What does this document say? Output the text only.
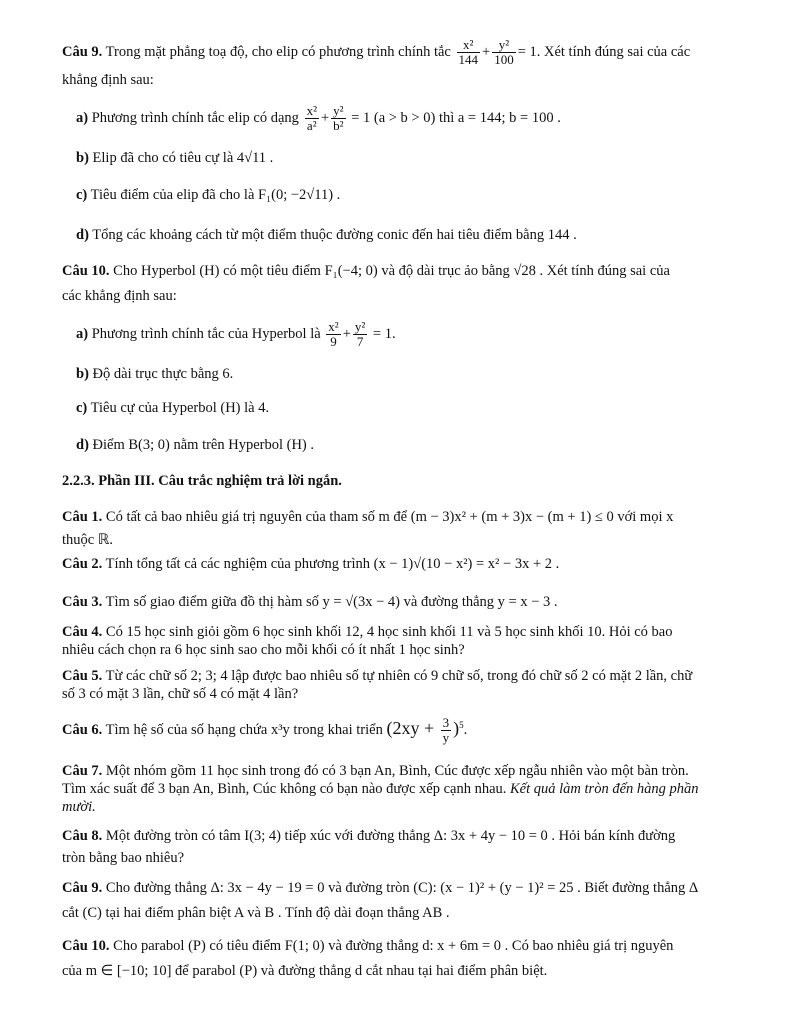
Câu 9. Trong mặt phẳng toạ độ, cho elip có phương trình chính tắc $\frac{\text{x²}}{144} + \frac{\text{y²}}{100} = 1$. Xét tính đúng sai của các
khẳng định sau:
a) Phương trình chính tắc elip có dạng $\frac{\text{x²}}{\text{a²}} + \frac{\text{y²}}{\text{b²}} = 1$ (a > b > 0) thì a = 144; b = 100 .
b) Elip đã cho có tiêu cự là 4√11 .
c) Tiêu điểm của elip đã cho là F₁(0; −2√11) .
d) Tổng các khoảng cách từ một điểm thuộc đường conic đến hai tiêu điểm bằng 144 .
Câu 10. Cho Hyperbol (H) có một tiêu điểm F₁(−4; 0) và độ dài trục ảo bằng √28 . Xét tính đúng sai của
các khẳng định sau:
a) Phương trình chính tắc của Hyperbol là $\frac{\text{x²}}{9} + \frac{\text{y²}}{7} = 1$.
b) Độ dài trục thực bằng 6.
c) Tiêu cự của Hyperbol (H) là 4.
d) Điểm B(3; 0) nằm trên Hyperbol (H) .
2.2.3. Phần III. Câu trắc nghiệm trả lời ngắn.
Câu 1. Có tất cả bao nhiêu giá trị nguyên của tham số m để (m − 3)x² + (m + 3)x − (m + 1) ≤ 0 với mọi x
thuộc ℝ.
Câu 2. Tính tổng tất cả các nghiệm của phương trình (x − 1)√(10 − x²) = x² − 3x + 2 .
Câu 3. Tìm số giao điểm giữa đồ thị hàm số y = √(3x − 4) và đường thẳng y = x − 3 .
Câu 4. Có 15 học sinh giỏi gồm 6 học sinh khối 12, 4 học sinh khối 11 và 5 học sinh khối 10. Hỏi có bao
nhiêu cách chọn ra 6 học sinh sao cho mỗi khối có ít nhất 1 học sinh?
Câu 5. Từ các chữ số 2; 3; 4 lập được bao nhiêu số tự nhiên có 9 chữ số, trong đó chữ số 2 có mặt 2 lần, chữ
số 3 có mặt 3 lần, chữ số 4 có mặt 4 lần?
Câu 6. Tìm hệ số của số hạng chứa x³y trong khai triển $(2xy + \frac{3}{y} )^5$.
Câu 7. Một nhóm gồm 11 học sinh trong đó có 3 bạn An, Bình, Cúc được xếp ngẫu nhiên vào một bàn tròn.
Tìm xác suất để 3 bạn An, Bình, Cúc không có bạn nào được xếp cạnh nhau. Kết quả làm tròn đến hàng phần
mười.
Câu 8. Một đường tròn có tâm I(3; 4) tiếp xúc với đường thẳng Δ: 3x + 4y − 10 = 0 . Hỏi bán kính đường
tròn bằng bao nhiêu?
Câu 9. Cho đường thẳng Δ: 3x − 4y − 19 = 0 và đường tròn (C): (x − 1)² + (y − 1)² = 25 . Biết đường thẳng Δ
cắt (C) tại hai điểm phân biệt A và B . Tính độ dài đoạn thẳng AB .
Câu 10. Cho parabol (P) có tiêu điểm F(1; 0) và đường thẳng d: x + 6m = 0 . Có bao nhiêu giá trị nguyên
của m ∈ [−10; 10] để parabol (P) và đường thẳng d cắt nhau tại hai điểm phân biệt.
